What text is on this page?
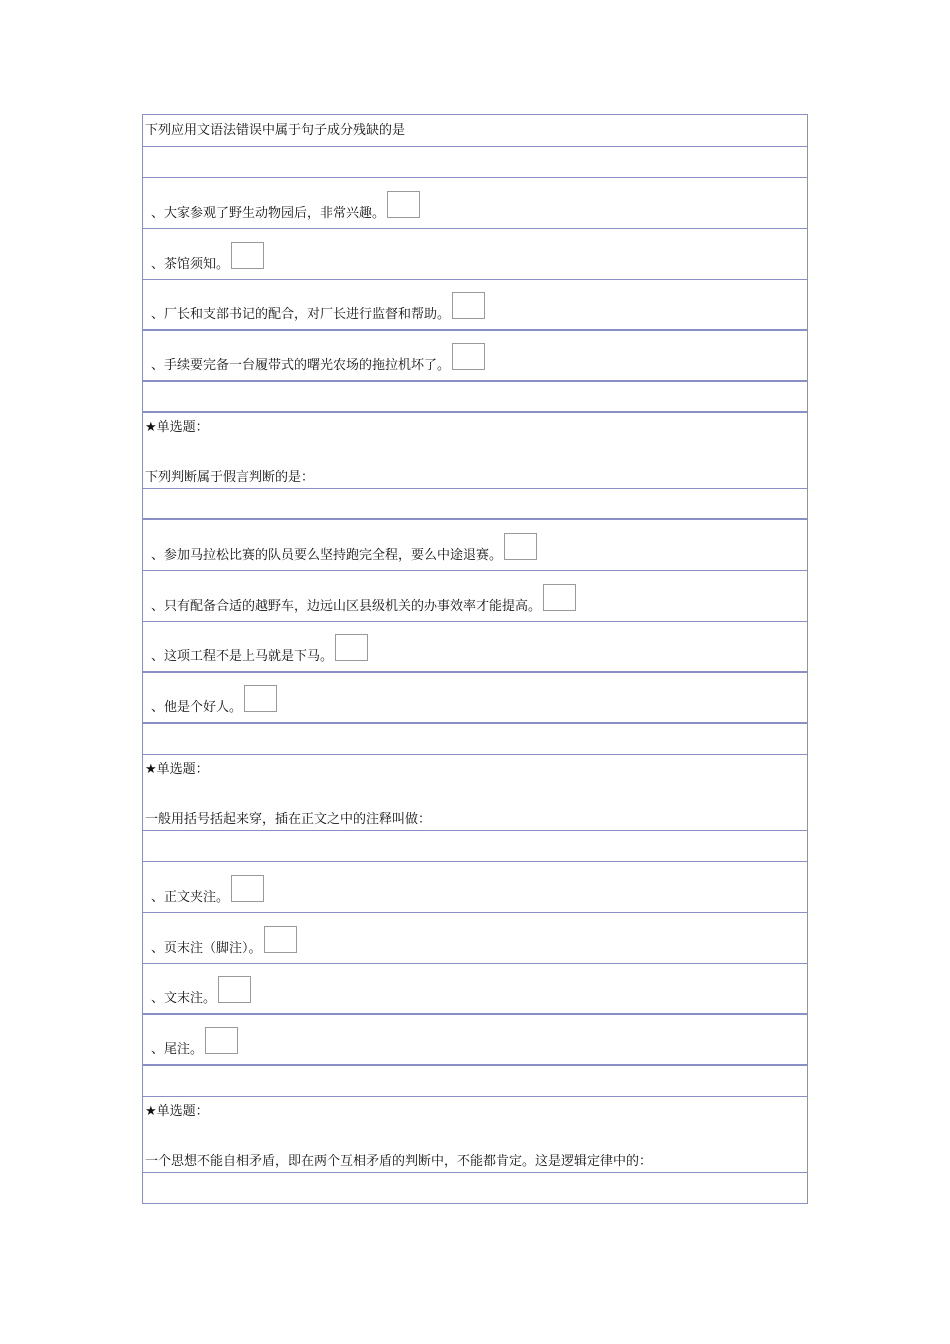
下列应用文语法错误中属于句子成分残缺的是
、大家参观了野生动物园后，非常兴趣。
、茶馆须知。
、厂长和支部书记的配合，对厂长进行监督和帮助。
、手续要完备一台履带式的曙光农场的拖拉机坏了。
★单选题：
下列判断属于假言判断的是：
、参加马拉松比赛的队员要么坚持跑完全程，要么中途退赛。
、只有配备合适的越野车，边远山区县级机关的办事效率才能提高。
、这项工程不是上马就是下马。
、他是个好人。
★单选题：
一般用括号括起来穿，插在正文之中的注释叫做：
、正文夹注。
、页末注（脚注）。
、文末注。
、尾注。
★单选题：
一个思想不能自相矛盾，即在两个互相矛盾的判断中，不能都肯定。这是逻辑定律中的：
